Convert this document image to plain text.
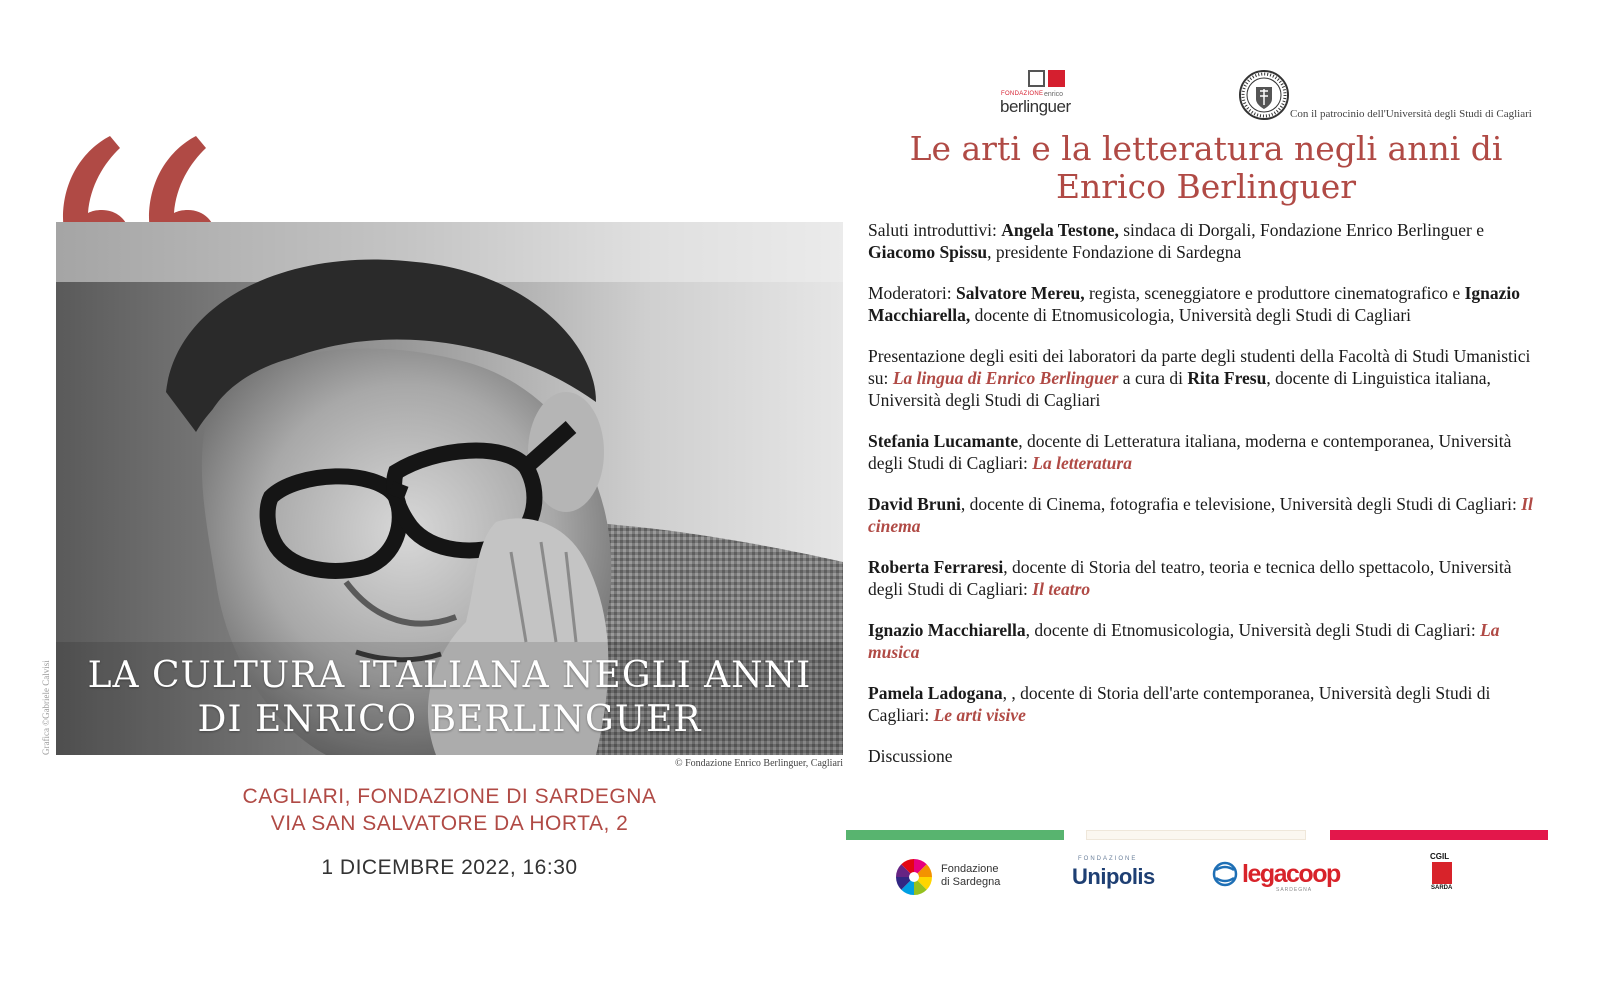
LA CULTURA ITALIANA NEGLI ANNI
DI ENRICO BERLINGUER
Grafica ©Gabriele Calvisi
© Fondazione Enrico Berlinguer, Cagliari
CAGLIARI, FONDAZIONE DI SARDEGNA
VIA SAN SALVATORE DA HORTA, 2
1 DICEMBRE 2022, 16:30
FONDAZIONE enrico
berlinguer	Con il patrocinio dell'Università degli Studi di Cagliari
Le arti e la letteratura negli anni di
Enrico Berlinguer

Saluti introduttivi: Angela Testone, sindaca di Dorgali, Fondazione Enrico Berlinguer e Giacomo Spissu, presidente Fondazione di Sardegna

Moderatori: Salvatore Mereu, regista, sceneggiatore e produttore cinematografico e Ignazio Macchiarella, docente di Etnomusicologia, Università degli Studi di Cagliari

Presentazione degli esiti dei laboratori da parte degli studenti della Facoltà di Studi Umanistici su: La lingua di Enrico Berlinguer a cura di Rita Fresu, docente di Linguistica italiana, Università degli Studi di Cagliari

Stefania Lucamante, docente di Letteratura italiana, moderna e contemporanea, Università degli Studi di Cagliari: La letteratura

David Bruni, docente di Cinema, fotografia e televisione, Università degli Studi di Cagliari: Il cinema

Roberta Ferraresi, docente di Storia del teatro, teoria e tecnica dello spettacolo, Università degli Studi di Cagliari: Il teatro

Ignazio Macchiarella, docente di Etnomusicologia, Università degli Studi di Cagliari: La musica

Pamela Ladogana, , docente di Storia dell'arte contemporanea, Università degli Studi di Cagliari: Le arti visive

Discussione

Fondazione
di Sardegna
FONDAZIONE
Unipolis	legacoop
SARDEGNA
CGIL
SARDA
